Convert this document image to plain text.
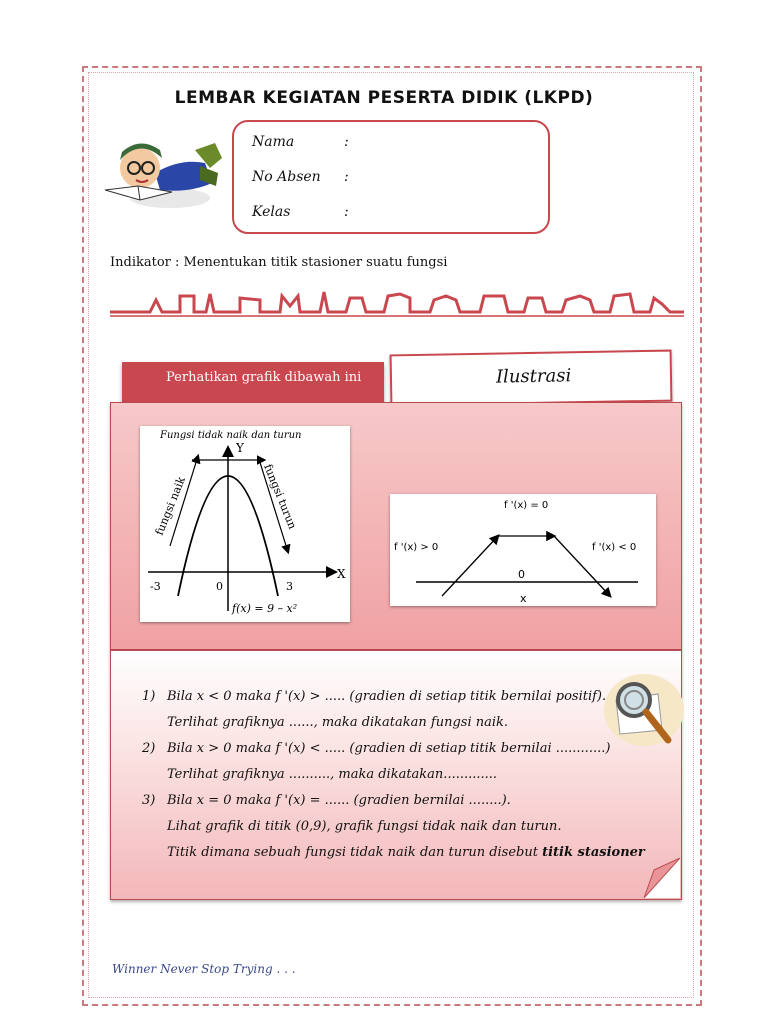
LEMBAR KEGIATAN PESERTA DIDIK (LKPD)
Nama	:
No Absen :
Kelas	:
Indikator : Menentukan titik stasioner suatu fungsi
Perhatikan grafik dibawah ini	Ilustrasi
Fungsi tidak naik dan turun
Y
X
fungsi naik	fungsi turun
-3	0	3
f(x) = 9 – x²
f '(x) = 0
f '(x) > 0	f '(x) < 0
0
x
1) Bila x < 0 maka f '(x) > ..... (gradien di setiap titik bernilai positif).
Terlihat grafiknya ......, maka dikatakan fungsi naik.
2) Bila x > 0 maka f '(x) < ..... (gradien di setiap titik bernilai ............)
Terlihat grafiknya .........., maka dikatakan.............
3) Bila x = 0 maka f '(x) = ...... (gradien bernilai ........).
Lihat grafik di titik (0,9), grafik fungsi tidak naik dan turun.
Titik dimana sebuah fungsi tidak naik dan turun disebut titik stasioner
Winner Never Stop Trying . . .
